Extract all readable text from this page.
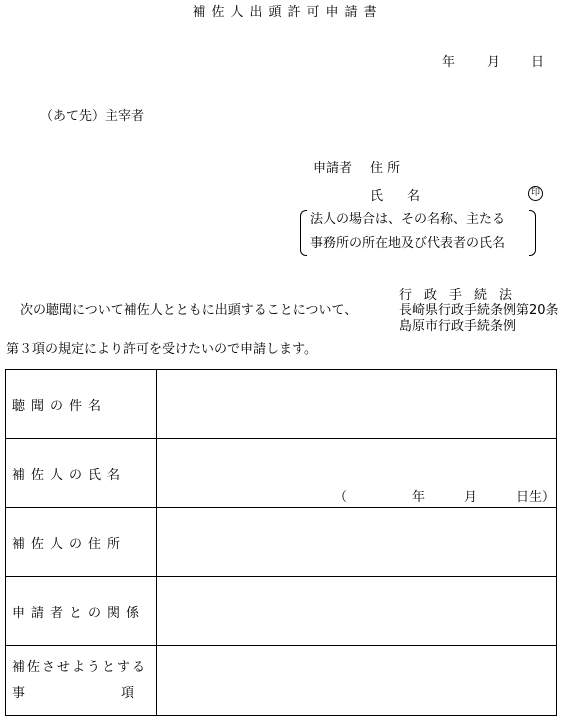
補佐人出頭許可申請書
年 月 日
（あて先）主宰者
申請者 住 所
氏名	印
法人の場合は、その名称、主たる
事務所の所在地及び代表者の氏名
行政手続法
長崎県行政手続条例第20条
島原市行政手続条例
次の聴聞について補佐人とともに出頭することについて、
第３項の規定により許可を受けたいので申請します。
聴聞の件名	
補佐人の氏名	（　　　　　年　　　月　　　日生）

補佐人の住所	
申請者との関係	

補佐させようとする
事 項	
